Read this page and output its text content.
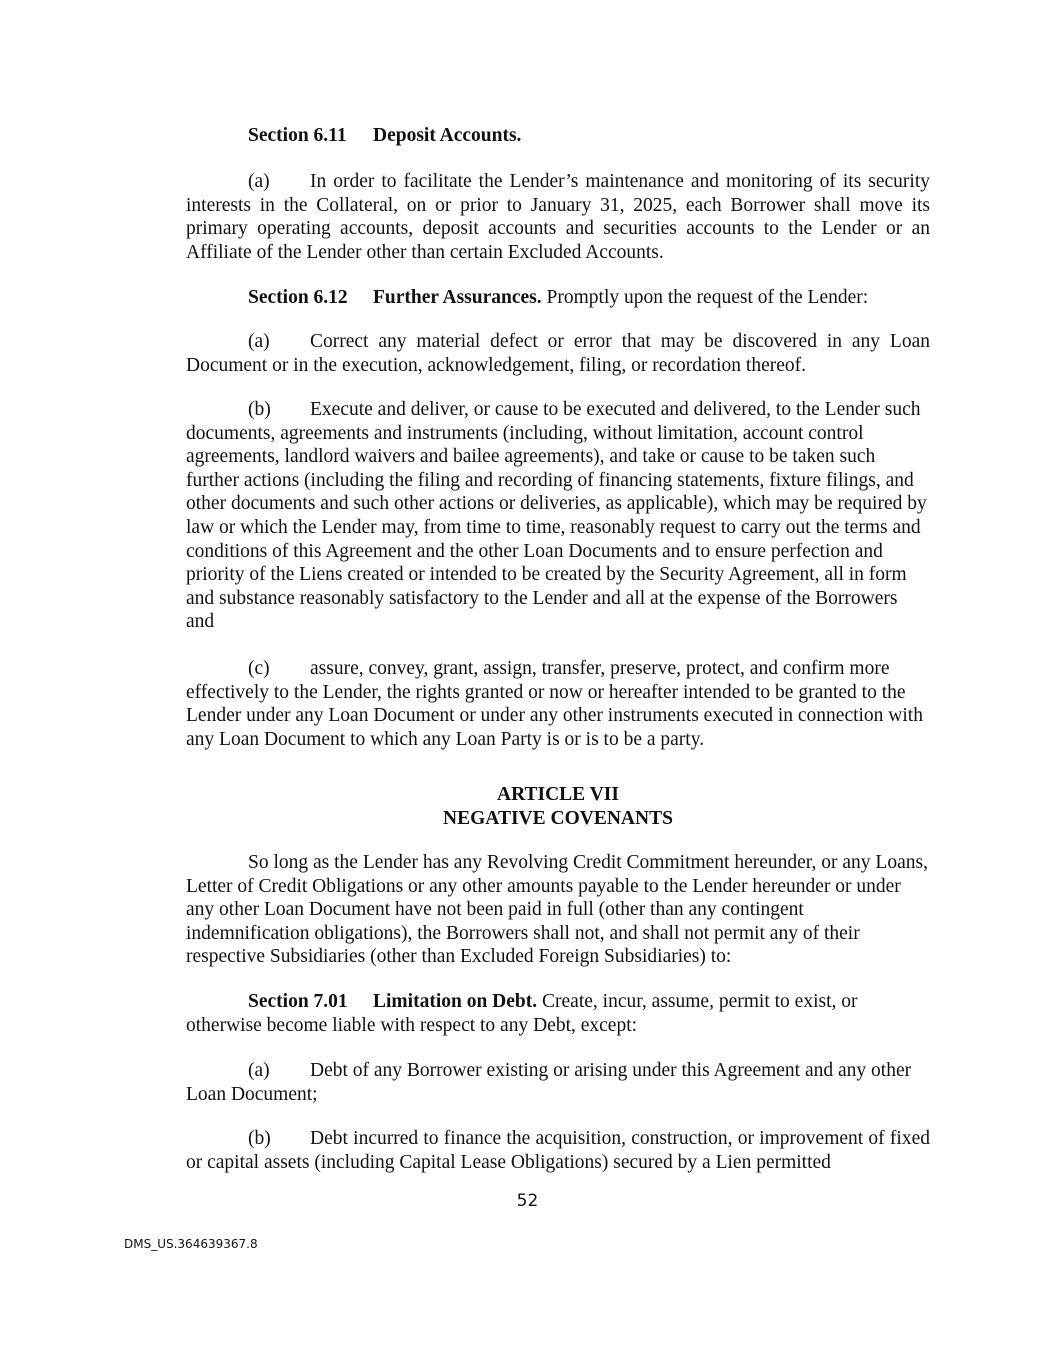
Section 6.11 Deposit Accounts.

(a) In order to facilitate the Lender’s maintenance and monitoring of its security interests in the Collateral, on or prior to January 31, 2025, each Borrower shall move its primary operating accounts, deposit accounts and securities accounts to the Lender or an Affiliate of the Lender other than certain Excluded Accounts.

Section 6.12 Further Assurances. Promptly upon the request of the Lender:

(a) Correct any material defect or error that may be discovered in any Loan Document or in the execution, acknowledgement, filing, or recordation thereof.

(b) Execute and deliver, or cause to be executed and delivered, to the Lender such documents, agreements and instruments (including, without limitation, account control agreements, landlord waivers and bailee agreements), and take or cause to be taken such further actions (including the filing and recording of financing statements, fixture filings, and other documents and such other actions or deliveries, as applicable), which may be required by law or which the Lender may, from time to time, reasonably request to carry out the terms and conditions of this Agreement and the other Loan Documents and to ensure perfection and priority of the Liens created or intended to be created by the Security Agreement, all in form and substance reasonably satisfactory to the Lender and all at the expense of the Borrowers and

(c) assure, convey, grant, assign, transfer, preserve, protect, and confirm more effectively to the Lender, the rights granted or now or hereafter intended to be granted to the Lender under any Loan Document or under any other instruments executed in connection with any Loan Document to which any Loan Party is or is to be a party.

ARTICLE VII
NEGATIVE COVENANTS

So long as the Lender has any Revolving Credit Commitment hereunder, or any Loans, Letter of Credit Obligations or any other amounts payable to the Lender hereunder or under any other Loan Document have not been paid in full (other than any contingent indemnification obligations), the Borrowers shall not, and shall not permit any of their respective Subsidiaries (other than Excluded Foreign Subsidiaries) to:

Section 7.01 Limitation on Debt. Create, incur, assume, permit to exist, or otherwise become liable with respect to any Debt, except:

(a) Debt of any Borrower existing or arising under this Agreement and any other Loan Document;

(b) Debt incurred to finance the acquisition, construction, or improvement of fixed or capital assets (including Capital Lease Obligations) secured by a Lien permitted

52
DMS_US.364639367.8
